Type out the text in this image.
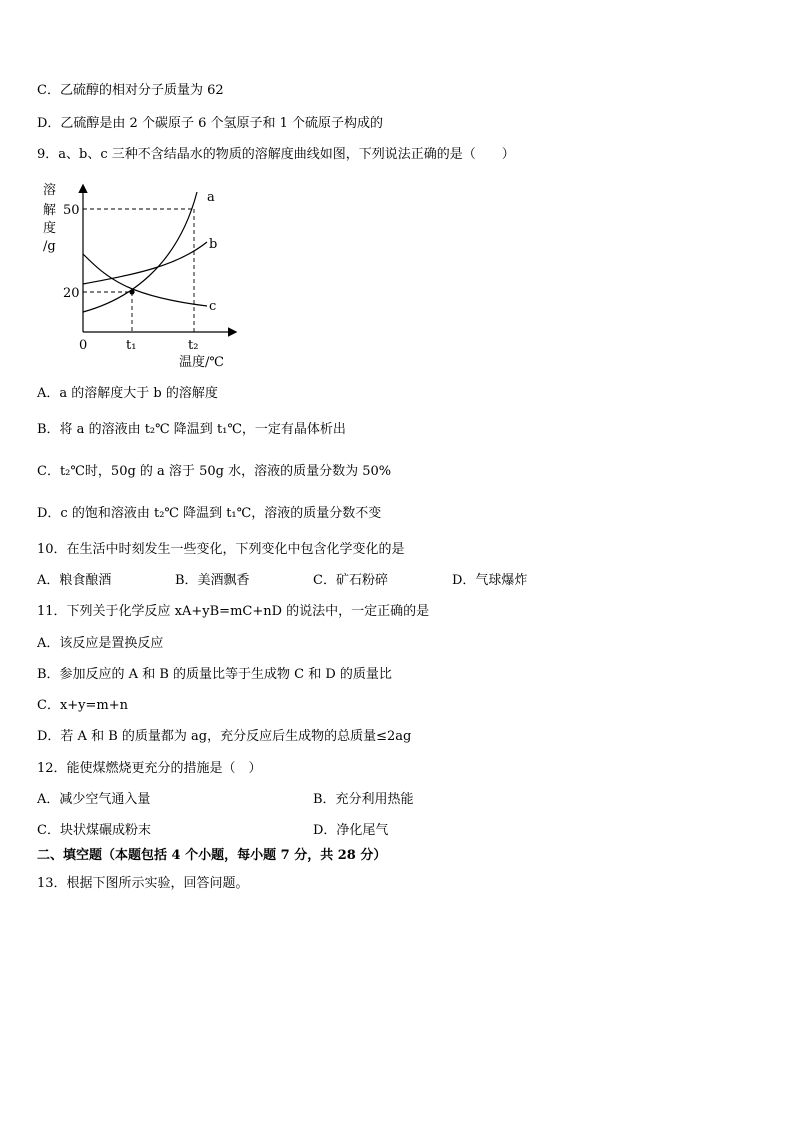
C．乙硫醇的相对分子质量为 62
D．乙硫醇是由 2 个碳原子 6 个氢原子和 1 个硫原子构成的
9．a、b、c 三种不含结晶水的物质的溶解度曲线如图，下列说法正确的是（　　）
溶
解
度
/g
a
b
c
50
20
0	t₁	t₂
温度/℃
A．a 的溶解度大于 b 的溶解度
B．将 a 的溶液由 t₂℃ 降温到 t₁℃，一定有晶体析出
C．t₂℃时，50g 的 a 溶于 50g 水，溶液的质量分数为 50%
D．c 的饱和溶液由 t₂℃ 降温到 t₁℃，溶液的质量分数不变
10．在生活中时刻发生一些变化，下列变化中包含化学变化的是
A．粮食酿酒	B．美酒飘香	C．矿石粉碎	D．气球爆炸
11．下列关于化学反应 xA+yB=mC+nD 的说法中，一定正确的是
A．该反应是置换反应
B．参加反应的 A 和 B 的质量比等于生成物 C 和 D 的质量比
C．x+y=m+n
D．若 A 和 B 的质量都为 ag，充分反应后生成物的总质量≤2ag
12．能使煤燃烧更充分的措施是（　）
A．减少空气通入量	B．充分利用热能
C．块状煤碾成粉末	D．净化尾气
二、填空题（本题包括 4 个小题，每小题 7 分，共 28 分）
13．根据下图所示实验，回答问题。
